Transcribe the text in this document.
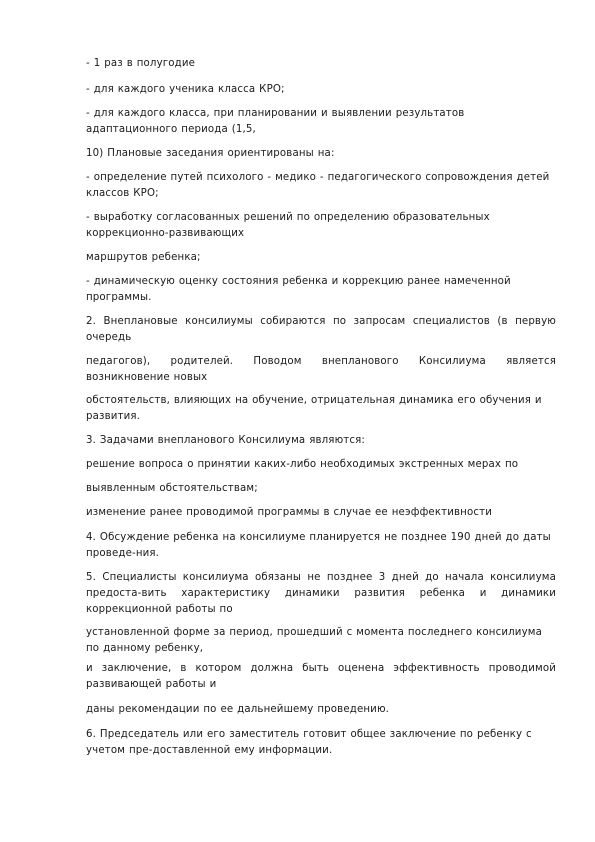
- 1 раз в полугодие

- для каждого ученика класса КРО;

- для каждого класса, при планировании и выявлении результатов адаптационного периода (1,5,

10) Плановые заседания ориентированы на:

- определение путей психолого - медико - педагогического сопровождения детей классов КРО;

- выработку согласованных решений по определению образовательных коррекционно-развивающих

маршрутов ребенка;

- динамическую оценку состояния ребенка и коррекцию ранее намеченной программы.

2. Внеплановые консилиумы собираются по запросам специалистов (в первую очередь

педагогов), родителей. Поводом внепланового Консилиума является возникновение новых

обстоятельств, влияющих на обучение, отрицательная динамика его обучения и развития.

3. Задачами внепланового Консилиума являются:

решение вопроса о принятии каких-либо необходимых экстренных мерах по

выявленным обстоятельствам;

изменение ранее проводимой программы в случае ее неэффективности

4. Обсуждение ребенка на консилиуме планируется не позднее 190 дней до даты проведе-ния.

5. Специалисты консилиума обязаны не позднее 3 дней до начала консилиума предоста-вить характеристику динамики развития ребенка и динамики коррекционной работы по

установленной форме за период, прошедший с момента последнего консилиума по данному ребенку,

и заключение, в котором должна быть оценена эффективность проводимой развивающей работы и

даны рекомендации по ее дальнейшему проведению.

6. Председатель или его заместитель готовит общее заключение по ребенку с учетом пре-доставленной ему информации.
